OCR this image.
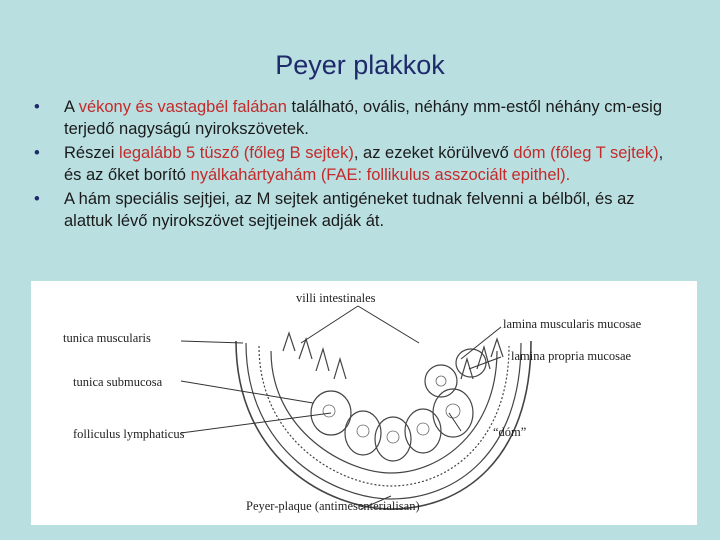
Peyer plakkok
• A vékony és vastagbél falában található, ovális, néhány mm-estől néhány cm-esig terjedő nagyságú nyirokszövetek.
• Részei legalább 5 tüsző (főleg B sejtek), az ezeket körülvevő dóm (főleg T sejtek), és az őket borító nyálkahártyahám (FAE: follikulus asszociált epithel).
• A hám speciális sejtjei, az M sejtek antigéneket tudnak felvenni a bélből, és az alattuk lévő nyirokszövet sejtjeinek adják át.
villi intestinales
tunica muscularis
lamina muscularis mucosae
lamina propria mucosae
tunica submucosa
folliculus lymphaticus	“dóm”
Peyer-plaque (antimesenterialisan)
